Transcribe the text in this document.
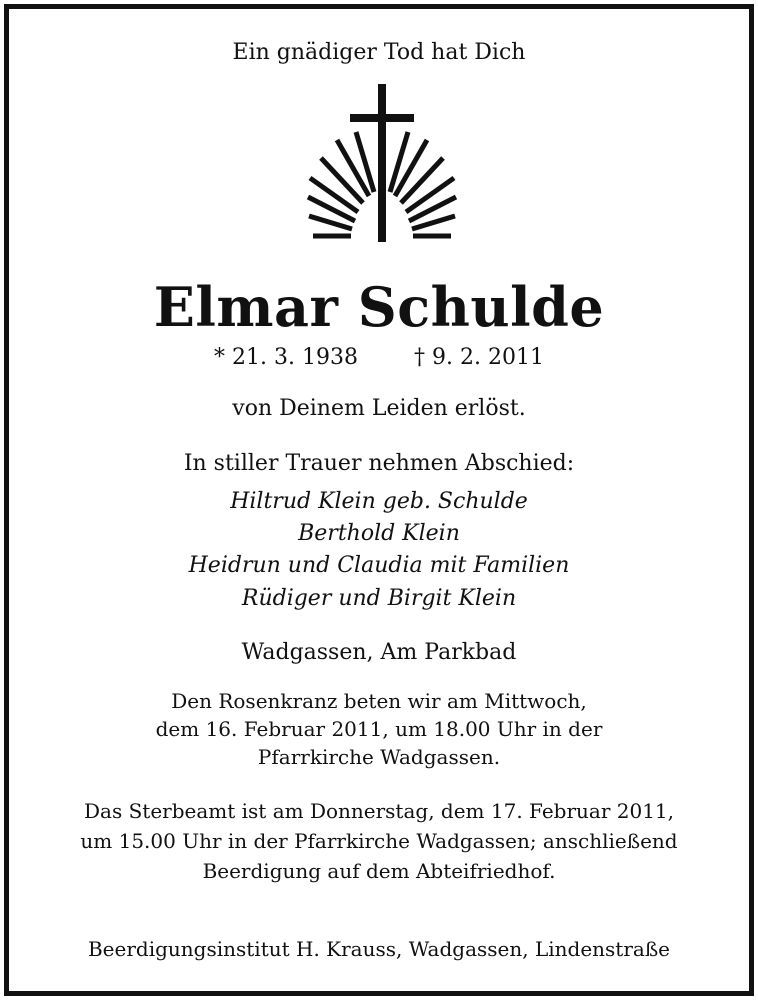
Ein gnädiger Tod hat Dich
Elmar Schulde
* 21. 3. 1938	† 9. 2. 2011
von Deinem Leiden erlöst.
In stiller Trauer nehmen Abschied:
Hiltrud Klein geb. Schulde
Berthold Klein
Heidrun und Claudia mit Familien
Rüdiger und Birgit Klein
Wadgassen, Am Parkbad
Den Rosenkranz beten wir am Mittwoch,
dem 16. Februar 2011, um 18.00 Uhr in der
Pfarrkirche Wadgassen.
Das Sterbeamt ist am Donnerstag, dem 17. Februar 2011,
um 15.00 Uhr in der Pfarrkirche Wadgassen; anschließend
Beerdigung auf dem Abteifriedhof.
Beerdigungsinstitut H. Krauss, Wadgassen, Lindenstraße
